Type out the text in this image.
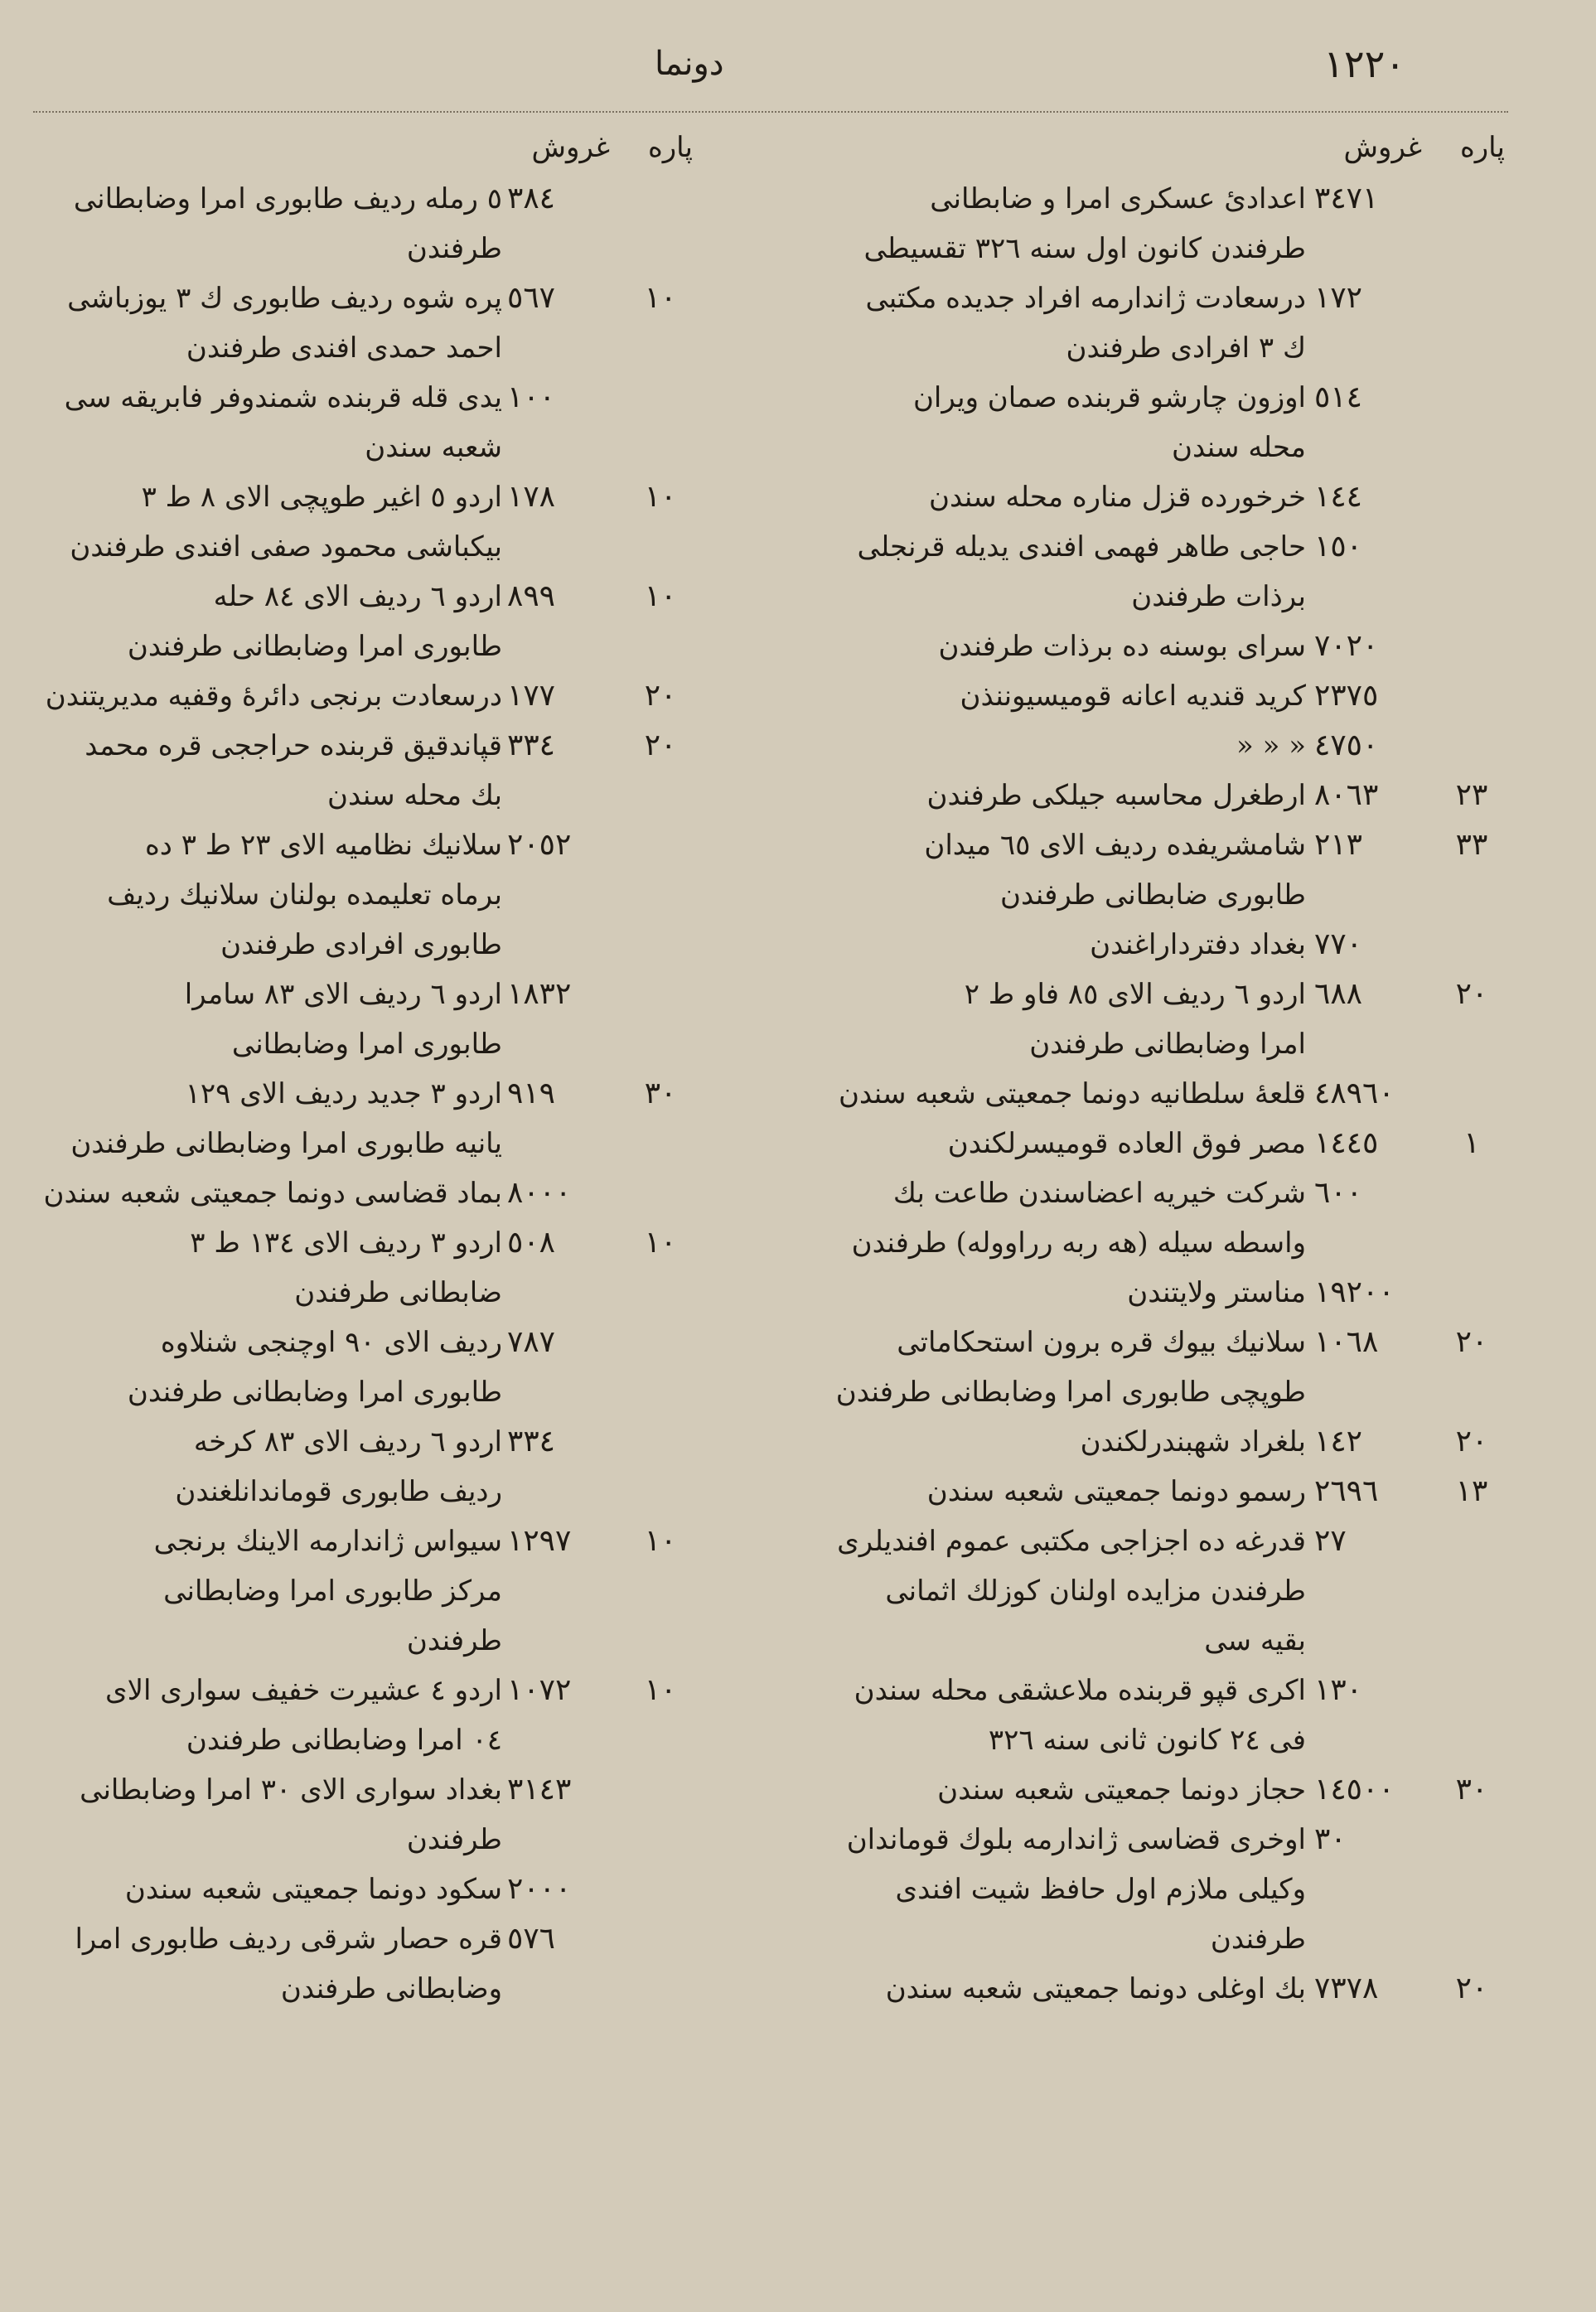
١٢٢٠
دونما
پاره
غروش
٣٤٧١
اعدادئ عسکری امرا و ضابطانی
طرفندن کانون اول سنه ٣٢٦ تقسیطی
١٧٢
درسعادت ژاندارمه افراد جدیده مکتبی
ك ٣ افرادی طرفندن
٥١٤
اوزون چارشو قربنده صمان ویران
محله سندن
١٤٤
خرخورده قزل مناره محله سندن
١٥٠
حاجی طاهر فهمی افندی یدیله قرنجلی
برذات طرفندن
٧٠٢٠
سرای بوسنه ده برذات طرفندن
٢٣٧٥
کرید قندیه اعانه قومیسیوننذن
٤٧٥٠
« « «
٢٣
٨٠٦٣
ارطغرل محاسبه جیلکی طرفندن
٣٣
٢١٣
شامشریفده ردیف الای ٦٥ میدان
طابوری ضابطانی طرفندن
٧٧٠
بغداد دفترداراغندن
٢٠
٦٨٨
اردو ٦ ردیف الای ٨٥ فاو ط ٢
امرا وضابطانی طرفندن
٤٨٩٦٠
قلعهٔ سلطانیه دونما جمعیتی شعبه سندن
١
١٤٤٥
مصر فوق العاده قومیسرلکندن
٦٠٠
شرکت خیریه اعضاسندن طاعت بك
واسطه سیله (هه ربه رراووله) طرفندن
١٩٢٠٠
مناستر ولایتندن
٢٠
١٠٦٨
سلانیك بیوك قره برون استحکاماتی
طوپچی طابوری امرا وضابطانی طرفندن
٢٠
١٤٢
بلغراد شهبندرلکندن
١٣
٢٦٩٦
رسمو دونما جمعیتی شعبه سندن
٢٧
قدرغه ده اجزاجی مکتبی عموم افندیلری
طرفندن مزایده اولنان کوزلك اثمانی
بقیه سی
١٣٠
اکری قپو قربنده ملاعشقی محله سندن
فی ٢٤ کانون ثانی سنه ٣٢٦
٣٠
١٤٥٠٠
حجاز دونما جمعیتی شعبه سندن
٣٠
اوخری قضاسی ژاندارمه بلوك قوماندان
وکیلی ملازم اول حافظ شیت افندی
طرفندن
٢٠
٧٣٧٨
بك اوغلی دونما جمعیتی شعبه سندن
پاره
غروش
٣٨٤
٥ رمله ردیف طابوری امرا وضابطانی
طرفندن
١٠
٥٦٧
پره شوه ردیف طابوری ك ٣ یوزباشی
احمد حمدی افندی طرفندن
١٠٠
یدی قله قربنده شمندوفر فابریقه سی
شعبه سندن
١٠
١٧٨
اردو ٥ اغیر طوپچی الای ٨ ط ٣
بیکباشی محمود صفی افندی طرفندن
١٠
٨٩٩
اردو ٦ ردیف الای ٨٤ حله
طابوری امرا وضابطانی طرفندن
٢٠
١٧٧
درسعادت برنجی دائرهٔ وقفیه مدیریتندن
٢٠
٣٣٤
قپاندقیق قربنده حراججی قره محمد
بك محله سندن
٢٠٥٢
سلانیك نظامیه الای ٢٣ ط ٣ ده
برماه تعلیمده بولنان سلانیك ردیف
طابوری افرادی طرفندن
١٨٣٢
اردو ٦ ردیف الای ٨٣ سامرا
طابوری امرا وضابطانی
٣٠
٩١٩
اردو ٣ جدید ردیف الای ١٢٩
یانیه طابوری امرا وضابطانی طرفندن
٨٠٠٠
بماد قضاسی دونما جمعیتی شعبه سندن
١٠
٥٠٨
اردو ٣ ردیف الای ١٣٤ ط ٣
ضابطانی طرفندن
٧٨٧
ردیف الای ٩٠ اوچنجی شنلاوه
طابوری امرا وضابطانی طرفندن
٣٣٤
اردو ٦ ردیف الای ٨٣ کرخه
ردیف طابوری قوماندانلغندن
١٠
١٢٩٧
سیواس ژاندارمه الاینك برنجی
مرکز طابوری امرا وضابطانی
طرفندن
١٠
١٠٧٢
اردو ٤ عشیرت خفیف سواری الای
٠٤ امرا وضابطانی طرفندن
٣١٤٣
بغداد سواری الای ٣٠ امرا وضابطانی
طرفندن
٢٠٠٠
سکود دونما جمعیتی شعبه سندن
٥٧٦
قره حصار شرقی ردیف طابوری امرا
وضابطانی طرفندن
